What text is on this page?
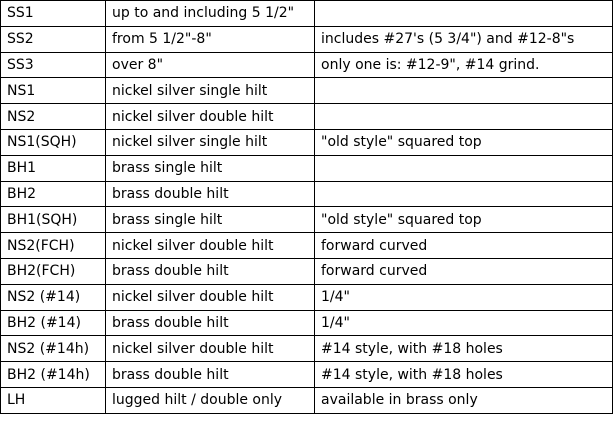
SS1	up to and including 5 1/2"	
SS2	from 5 1/2"-8"	includes #27's (5 3/4") and #12-8"s
SS3	over 8"	only one is: #12-9", #14 grind.
NS1	nickel silver single hilt	
NS2	nickel silver double hilt	
NS1(SQH)	nickel silver single hilt	"old style" squared top
BH1	brass single hilt	
BH2	brass double hilt	
BH1(SQH)	brass single hilt	"old style" squared top
NS2(FCH)	nickel silver double hilt	forward curved
BH2(FCH)	brass double hilt	forward curved
NS2 (#14)	nickel silver double hilt	1/4"
BH2 (#14)	brass double hilt	1/4"
NS2 (#14h)	nickel silver double hilt	#14 style, with #18 holes
BH2 (#14h)	brass double hilt	#14 style, with #18 holes
LH	lugged hilt / double only	available in brass only
